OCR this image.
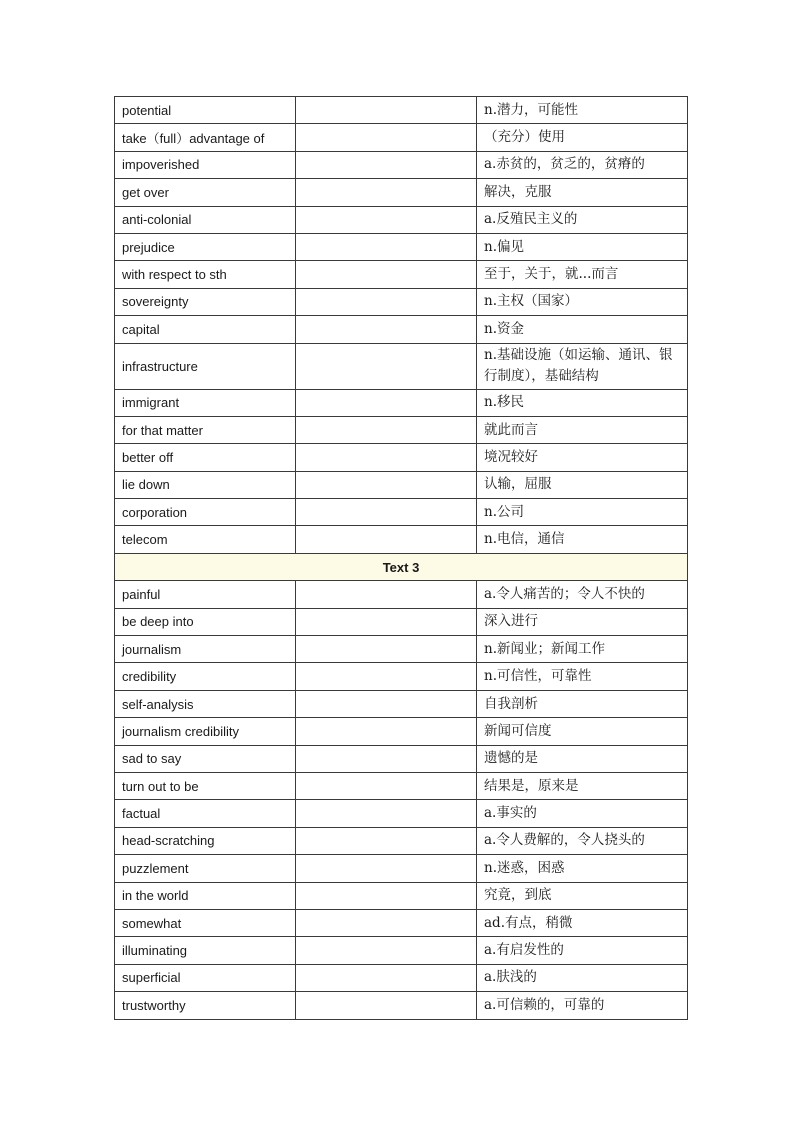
potential		n.潜力，可能性
take（full）advantage of		（充分）使用
impoverished		a.赤贫的，贫乏的，贫瘠的
get over		解决，克服
anti-colonial		a.反殖民主义的
prejudice		n.偏见
with respect to sth		至于，关于，就...而言
sovereignty		n.主权（国家）
capital		n.资金
infrastructure		n.基础设施（如运输、通讯、银行制度），基础结构
immigrant		n.移民
for that matter		就此而言
better off		境况较好
lie down		认输，屈服
corporation		n.公司
telecom		n.电信，通信
Text 3		
painful		a.令人痛苦的；令人不快的
be deep into		深入进行
journalism		n.新闻业；新闻工作
credibility		n.可信性，可靠性
self-analysis		自我剖析
journalism credibility		新闻可信度
sad to say		遗憾的是
turn out to be		结果是，原来是
factual		a.事实的
head-scratching		a.令人费解的，令人挠头的
puzzlement		n.迷惑，困惑
in the world		究竟，到底
somewhat		ad.有点，稍微
illuminating		a.有启发性的
superficial		a.肤浅的
trustworthy		a.可信赖的，可靠的
